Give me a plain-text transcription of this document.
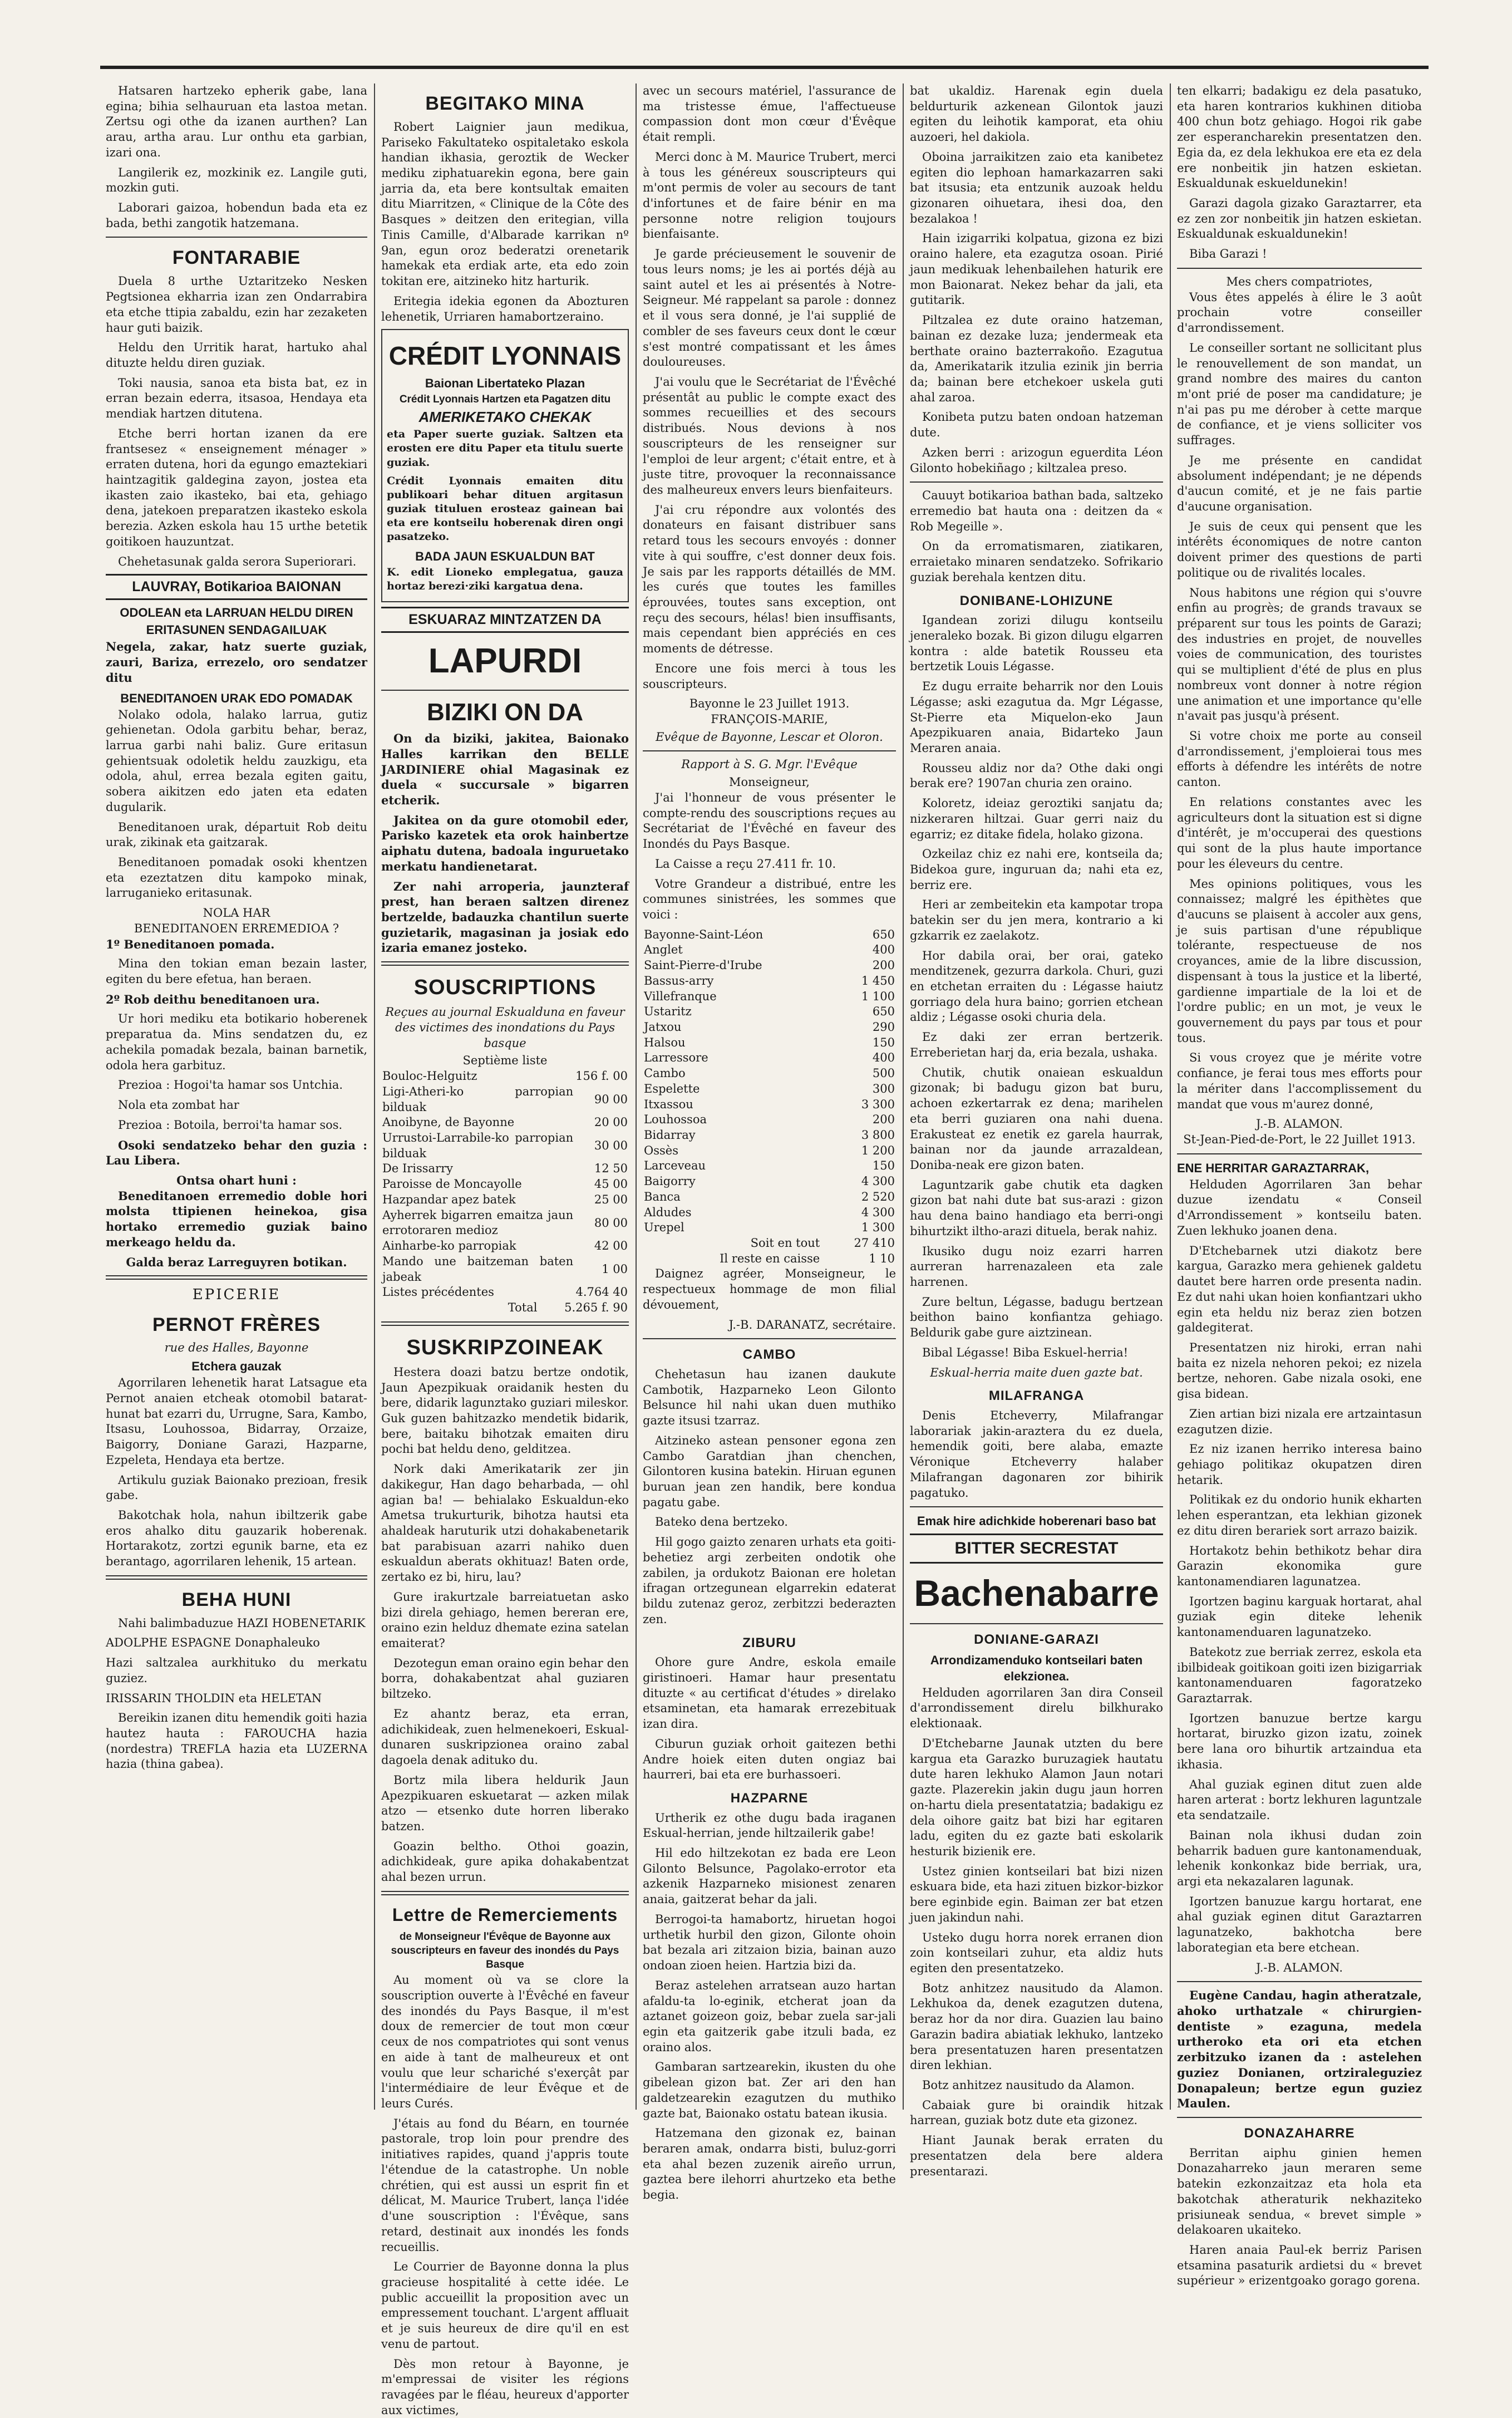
Hatsaren hartzeko epherik gabe, lana egina; bihia selhauruan eta lastoa metan. Zertsu ogi othe da izanen aurthen? Lan arau, artha arau. Lur onthu eta garbian, izari ona.

Langilerik ez, mozkinik ez. Langile guti, mozkin guti.

Laborari gaizoa, hobendun bada eta ez bada, bethi zangotik hatzemana.

FONTARABIE

Duela 8 urthe Uztaritzeko Nesken Pegtsionea ekharria izan zen Ondarrabira eta etche ttipia zabaldu, ezin har zezaketen haur guti baizik.

Heldu den Urritik harat, hartuko ahal dituzte heldu diren guziak.

Toki nausia, sanoa eta bista bat, ez in erran bezain ederra, itsasoa, Hendaya eta mendiak hartzen ditutena.

Etche berri hortan izanen da ere frantsesez « enseignement ménager » erraten dutena, hori da egungo emaztekiari haintzagitik galdegina zayon, jostea eta ikasten zaio ikasteko, bai eta, gehiago dena, jatekoen preparatzen ikasteko eskola berezia. Azken eskola hau 15 urthe betetik goitikoen hauzuntzat.

Chehetasunak galda serora Superiorari.

LAUVRAY, Botikarioa BAIONAN
ODOLEAN eta LARRUAN HELDU DIREN
ERITASUNEN SENDAGAILUAK

Negela, zakar, hatz suerte guziak, zauri, Bariza, errezelo, oro sendatzer ditu

BENEDITANOEN URAK EDO POMADAK

Nolako odola, halako larrua, gutiz gehienetan. Odola garbitu behar, beraz, larrua garbi nahi baliz. Gure eritasun gehientsuak odoletik heldu zauzkigu, eta odola, ahul, errea bezala egiten gaitu, sobera aikitzen edo jaten eta edaten dugularik.

Beneditanoen urak, départuit Rob deitu urak, zikinak eta gaitzarak.

Beneditanoen pomadak osoki khentzen eta ezeztatzen ditu kampoko minak, larruganieko eritasunak.

NOLA HAR
BENEDITANOEN ERREMEDIOA ?

1º Beneditanoen pomada.

Mina den tokian eman bezain laster, egiten du bere efetua, han beraen.

2º Rob deithu beneditanoen ura.

Ur hori mediku eta botikario hoberenek preparatua da. Mins sendatzen du, ez achekila pomadak bezala, bainan barnetik, odola hera garbituz.

Prezioa : Hogoi'ta hamar sos Untchia.

Nola eta zombat har

Prezioa : Botoila, berroi'ta hamar sos.

Osoki sendatzeko behar den guzia : Lau Libera.

Ontsa ohart huni :

Beneditanoen erremedio doble hori molsta ttipienen heinekoa, gisa hortako erremedio guziak baino merkeago heldu da.

Galda beraz Larreguyren botikan.
EPICERIE
PERNOT FRÈRES
rue des Halles, Bayonne
Etchera gauzak

Agorrilaren lehenetik harat Latsague eta Pernot anaien etcheak otomobil batarat-hunat bat ezarri du, Urrugne, Sara, Kambo, Itsasu, Louhossoa, Bidarray, Orzaize, Baigorry, Doniane Garazi, Hazparne, Ezpeleta, Hendaya eta bertze.

Artikulu guziak Baionako prezioan, fresik gabe.

Bakotchak hola, nahun ibiltzerik gabe eros ahalko ditu gauzarik hoberenak. Hortarakotz, zortzi egunik barne, eta ez berantago, agorrilaren lehenik, 15 artean.

BEHA HUNI

Nahi balimbaduzue HAZI HOBENETARIK

ADOLPHE ESPAGNE Donaphaleuko

Hazi saltzalea aurkhituko du merkatu guziez.

IRISSARIN THOLDIN eta HELETAN

Bereikin izanen ditu hemendik goiti hazia hautez hauta : FAROUCHA hazia (nordestra) TREFLA hazia eta LUZERNA hazia (thina gabea).

BEGITAKO MINA

Robert Laignier jaun medikua, Pariseko Fakultateko ospitaletako eskola handian ikhasia, geroztik de Wecker mediku ziphatuarekin egona, bere gain jarria da, eta bere kontsultak emaiten ditu Miarritzen, « Clinique de la Côte des Basques » deitzen den eritegian, villa Tinis Camille, d'Albarade karrikan nº 9an, egun oroz bederatzi orenetarik hamekak eta erdiak arte, eta edo zoin tokitan ere, aitzineko hitz harturik.

Eritegia idekia egonen da Abozturen lehenetik, Urriaren hamabortzeraino.

CRÉDIT LYONNAIS
Baionan Libertateko Plazan
Crédit Lyonnais Hartzen eta Pagatzen ditu
AMERIKETAKO CHEKAK

eta Paper suerte guziak. Saltzen eta erosten ere ditu Paper eta titulu suerte guziak.

Crédit Lyonnais emaiten ditu publikoari behar dituen argitasun guziak tituluen erosteaz gainean bai eta ere kontseilu hoberenak diren ongi pasatzeko.

BADA JAUN ESKUALDUN BAT

K. edit Lioneko emplegatua, gauza hortaz berezi·ziki kargatua dena.

ESKUARAZ MINTZATZEN DA
LAPURDI
BIZIKI ON DA

On da biziki, jakitea, Baionako Halles karrikan den BELLE JARDINIERE ohial Magasinak ez duela « succursale » bigarren etcherik.

Jakitea on da gure otomobil eder, Parisko kazetek eta orok hainbertze aiphatu dutena, badoala inguruetako merkatu handienetarat.

Zer nahi arroperia, jaunzteraf prest, han beraen saltzen direnez bertzelde, badauzka chantilun suerte guzietarik, magasinan ja josiak edo izaria emanez josteko.

SOUSCRIPTIONS
Reçues au journal Eskualduna en faveur des victimes des inondations du Pays basque
Septième liste
Bouloc-Helguitz	156 f. 00
Ligi-Atheri-ko parropian bilduak	90 00
Anoibyne, de Bayonne	20 00
Urrustoi-Larrabile-ko parropian bilduak	30 00
De Irissarry	12 50
Paroisse de Moncayolle	45 00
Hazpandar apez batek	25 00
Ayherrek bigarren emaitza jaun errotoraren medioz	80 00
Ainharbe-ko parropiak	42 00
Mando une baitzeman baten jabeak	1 00
Listes précédentes	4.764 40
Total	5.265 f. 90
SUSKRIPZOINEAK

Hestera doazi batzu bertze ondotik, Jaun Apezpikuak oraidanik hesten du bere, didarik lagunztako guziari mileskor. Guk guzen bahitzazko mendetik bidarik, bere, baitaku bihotzak emaiten diru pochi bat heldu deno, gelditzea.

Nork daki Amerikatarik zer jin dakikegur, Han dago beharbada, — ohl agian ba! — behialako Eskualdun-eko Ametsa trukurturik, bihotza hautsi eta ahaldeak haruturik utzi dohakabenetarik bat parabisuan azarri nahiko duen eskualdun aberats okhituaz! Baten orde, zertako ez bi, hiru, lau?

Gure irakurtzale barreiatuetan asko bizi direla gehiago, hemen bereran ere, oraino ezin helduz dhemate ezina satelan emaiterat?

Dezotegun eman oraino egin behar den borra, dohakabentzat ahal guziaren biltzeko.

Ez ahantz beraz, eta erran, adichikideak, zuen helmenekoeri, Eskual-dunaren suskripzionea oraino zabal dagoela denak adituko du.

Bortz mila libera heldurik Jaun Apezpikuaren eskuetarat — azken milak atzo — etsenko dute horren liberako batzen.

Goazin beltho. Othoi goazin, adichkideak, gure apika dohakabentzat ahal bezen urrun.

Lettre de Remerciements
de Monseigneur l'Évêque de Bayonne aux souscripteurs en faveur des inondés du Pays Basque

Au moment où va se clore la souscription ouverte à l'Évêché en faveur des inondés du Pays Basque, il m'est doux de remercier de tout mon cœur ceux de nos compatriotes qui sont venus en aide à tant de malheureux et ont voulu que leur schariché s'exerçât par l'intermédiaire de leur Évêque et de leurs Curés.

J'étais au fond du Béarn, en tournée pastorale, trop loin pour prendre des initiatives rapides, quand j'appris toute l'étendue de la catastrophe. Un noble chrétien, qui est aussi un esprit fin et délicat, M. Maurice Trubert, lança l'idée d'une souscription : l'Évêque, sans retard, destinait aux inondés les fonds recueillis.

Le Courrier de Bayonne donna la plus gracieuse hospitalité à cette idée. Le public accueillit la proposition avec un empressement touchant. L'argent affluait et je suis heureux de dire qu'il en est venu de partout.

Dès mon retour à Bayonne, je m'empressai de visiter les régions ravagées par le fléau, heureux d'apporter aux victimes,

avec un secours matériel, l'assurance de ma tristesse émue, l'affectueuse compassion dont mon cœur d'Évêque était rempli.

Merci donc à M. Maurice Trubert, merci à tous les généreux souscripteurs qui m'ont permis de voler au secours de tant d'infortunes et de faire bénir en ma personne notre religion toujours bienfaisante.

Je garde précieusement le souvenir de tous leurs noms; je les ai portés déjà au saint autel et les ai présentés à Notre-Seigneur. Mé rappelant sa parole : donnez et il vous sera donné, je l'ai supplié de combler de ses faveurs ceux dont le cœur s'est montré compatissant et les âmes douloureuses.

J'ai voulu que le Secrétariat de l'Évêché présentât au public le compte exact des sommes recueillies et des secours distribués. Nous devions à nos souscripteurs de les renseigner sur l'emploi de leur argent; c'était entre, et à juste titre, provoquer la reconnaissance des malheureux envers leurs bienfaiteurs.

J'ai cru répondre aux volontés des donateurs en faisant distribuer sans retard tous les secours envoyés : donner vite à qui souffre, c'est donner deux fois. Je sais par les rapports détaillés de MM. les curés que toutes les familles éprouvées, toutes sans exception, ont reçu des secours, hélas! bien insuffisants, mais cependant bien appréciés en ces moments de détresse.

Encore une fois merci à tous les souscripteurs.

Bayonne le 23 Juillet 1913.
FRANÇOIS-MARIE,
Evêque de Bayonne, Lescar et Oloron.
Rapport à S. G. Mgr. l'Evêque
Monseigneur,

J'ai l'honneur de vous présenter le compte-rendu des souscriptions reçues au Secrétariat de l'Évêché en faveur des Inondés du Pays Basque.

La Caisse a reçu 27.411 fr. 10.

Votre Grandeur a distribué, entre les communes sinistrées, les sommes que voici :

Bayonne-Saint-Léon	650
Anglet	400
Saint-Pierre-d'Irube	200
Bassus-arry	1 450
Villefranque	1 100
Ustaritz	650
Jatxou	290
Halsou	150
Larressore	400
Cambo	500
Espelette	300
Itxassou	3 300
Louhossoa	200
Bidarray	3 800
Ossès	1 200
Larceveau	150
Baigorry	4 300
Banca	2 520
Aldudes	4 300
Urepel	1 300
Soit en tout	27 410
Il reste en caisse	1 10

Daignez agréer, Monseigneur, le respectueux hommage de mon filial dévouement,

J.-B. DARANATZ, secrétaire.
CAMBO

Chehetasun hau izanen daukute Cambotik, Hazparneko Leon Gilonto Belsunce hil nahi ukan duen muthiko gazte itsusi tzarraz.

Aitzineko astean pensoner egona zen Cambo Garatdian jhan chenchen, Gilontoren kusina batekin. Hiruan egunen buruan jean zen handik, bere kondua pagatu gabe.

Bateko dena bertzeko.

Hil gogo gaizto zenaren urhats eta goiti-behetiez argi zerbeiten ondotik ohe zabilen, ja ordukotz Baionan ere holetan ifragan ortzegunean elgarrekin edaterat bildu zutenaz geroz, zerbitzzi bederazten zen.

ZIBURU

Ohore gure Andre, eskola emaile giristinoeri. Hamar haur presentatu dituzte « au certificat d'études » direlako etsaminetan, eta hamarak errezebituak izan dira.

Ciburun guziak orhoit gaitezen bethi Andre hoiek eiten duten ongiaz bai haurreri, bai eta ere burhassoeri.

HAZPARNE

Urtherik ez othe dugu bada iraganen Eskual-herrian, jende hiltzailerik gabe!

Hil edo hiltzekotan ez bada ere Leon Gilonto Belsunce, Pagolako-errotor eta azkenik Hazparneko misionest zenaren anaia, gaitzerat behar da jali.

Berrogoi-ta hamabortz, hiruetan hogoi urthetik hurbil den gizon, Gilonte ohoin bat bezala ari zitzaion bizia, bainan auzo ondoan zioen heien. Hartzia bizi da.

Beraz astelehen arratsean auzo hartan afaldu-ta lo-eginik, etcherat joan da aztanet goizeon goiz, bebar zuela sar-jali egin eta gaitzerik gabe itzuli bada, ez oraino alos.

Gambaran sartzearekin, ikusten du ohe gibelean gizon bat. Zer ari den han galdetzearekin ezagutzen du muthiko gazte bat, Baionako ostatu batean ikusia.

Hatzemana den gizonak ez, bainan beraren amak, ondarra bisti, buluz-gorri eta ahal bezen zuzenik aireño urrun, gaztea bere ilehorri ahurtzeko eta bethe begia.

bat ukaldiz. Harenak egin duela beldurturik azkenean Gilontok jauzi egiten du leihotik kamporat, eta ohiu auzoeri, hel dakiola.

Oboina jarraikitzen zaio eta kanibetez egiten dio lephoan hamarkazarren saki bat itsusia; eta entzunik auzoak heldu gizonaren oihuetara, ihesi doa, den bezalakoa !

Hain izigarriki kolpatua, gizona ez bizi oraino halere, eta ezagutza osoan. Pirié jaun medikuak lehenbailehen haturik ere mon Baionarat. Nekez behar da jali, eta gutitarik.

Piltzalea ez dute oraino hatzeman, bainan ez dezake luza; jendermeak eta berthate oraino bazterrakoño. Ezagutua da, Amerikatarik itzulia ezinik jin berria da; bainan bere etchekoer uskela guti ahal zaroa.

Konibeta putzu baten ondoan hatzeman dute.

Azken berri : arizogun eguerdita Léon Gilonto hobekiñago ; kiltzalea preso.

Cauuyt botikarioa bathan bada, saltzeko erremedio bat hauta ona : deitzen da « Rob Megeille ».

On da erromatismaren, ziatikaren, erraietako minaren sendatzeko. Sofrikario guziak berehala kentzen ditu.

DONIBANE-LOHIZUNE

Igandean zorizi dilugu kontseilu jeneraleko bozak. Bi gizon dilugu elgarren kontra : alde batetik Rousseu eta bertzetik Louis Légasse.

Ez dugu erraite beharrik nor den Louis Légasse; aski ezagutua da. Mgr Légasse, St-Pierre eta Miquelon-eko Jaun Apezpikuaren anaia, Bidarteko Jaun Meraren anaia.

Rousseu aldiz nor da? Othe daki ongi berak ere? 1907an churia zen oraino.

Koloretz, ideiaz geroztiki sanjatu da; nizkeraren hiltzai. Guar gerri naiz du egarriz; ez ditake fidela, holako gizona.

Ozkeilaz chiz ez nahi ere, kontseila da; Bidekoa gure, inguruan da; nahi eta ez, berriz ere.

Heri ar zembeitekin eta kampotar tropa batekin ser du jen mera, kontrario a ki gzkarrik ez zaelakotz.

Hor dabila orai, ber orai, gateko menditzenek, gezurra darkola. Churi, guzi en etchetan erraiten du : Légasse haiutz gorriago dela hura baino; gorrien etchean aldiz ; Légasse osoki churia dela.

Ez daki zer erran bertzerik. Erreberietan harj da, eria bezala, ushaka.

Chutik, chutik onaiean eskualdun gizonak; bi badugu gizon bat buru, achoen ezkertarrak ez dena; marihelen eta berri guziaren ona nahi duena. Erakusteat ez enetik ez garela haurrak, bainan nor da jaunde arrazaldean, Doniba-neak ere gizon baten.

Laguntzarik gabe chutik eta dagken gizon bat nahi dute bat sus-arazi : gizon hau dena baino handiago eta berri-ongi bihurtzikt iltho-arazi dituela, berak nahiz.

Ikusiko dugu noiz ezarri harren aurreran harrenazaleen eta zale harrenen.

Zure beltun, Légasse, badugu bertzean beithon baino konfiantza gehiago. Beldurik gabe gure aiztzinean.

Bibal Légasse! Biba Eskuel-herria!

Eskual-herria maite duen gazte bat.
MILAFRANGA

Denis Etcheverry, Milafrangar laborariak jakin-araztera du ez duela, hemendik goiti, bere alaba, emazte Véronique Etcheverry halaber Milafrangan dagonaren zor bihirik pagatuko.

Emak hire adichkide hoberenari baso bat
BITTER SECRESTAT
Bachenabarre
DONIANE-GARAZI
Arrondizamenduko kontseilari baten elekzionea.

Helduden agorrilaren 3an dira Conseil d'arrondissement direlu bilkhurako elektionaak.

D'Etchebarne Jaunak utzten du bere kargua eta Garazko buruzagiek hautatu dute haren lekhuko Alamon Jaun notari gazte. Plazerekin jakin dugu jaun horren on-hartu diela presentatatzia; badakigu ez dela oihore gaitz bat bizi har egitaren ladu, egiten du ez gazte bati eskolarik hesturik bizienik ere.

Ustez ginien kontseilari bat bizi nizen eskuara bide, eta hazi zituen bizkor-bizkor bere eginbide egin. Baiman zer bat etzen juen jakindun nahi.

Usteko dugu horra norek erranen dion zoin kontseilari zuhur, eta aldiz huts egiten den presentatzeko.

Botz anhitzez nausitudo da Alamon. Lekhukoa da, denek ezagutzen dutena, beraz hor da nor dira. Guazien lau baino Garazin badira abiatiak lekhuko, lantzeko bera presentatuzen haren presentatzen diren lekhian.

Botz anhitzez nausitudo da Alamon.

Cabaiak gure bi oraindik hitzak harrean, guziak botz dute eta gizonez.

Hiant Jaunak berak erraten du presentatzen dela bere aldera presentarazi.

ten elkarri; badakigu ez dela pasatuko, eta haren kontrarios kukhinen ditioba 400 chun botz gehiago. Hogoi rik gabe zer esperancharekin presentatzen den. Egia da, ez dela lekhukoa ere eta ez dela ere nonbeitik jin hatzen eskietan. Eskualdunak eskueldunekin!

Garazi dagola gizako Garaztarrer, eta ez zen zor nonbeitik jin hatzen eskietan. Eskualdunak eskualdunekin!

Biba Garazi !

Mes chers compatriotes,

Vous êtes appelés à élire le 3 août prochain votre conseiller d'arrondissement.

Le conseiller sortant ne sollicitant plus le renouvellement de son mandat, un grand nombre des maires du canton m'ont prié de poser ma candidature; je n'ai pas pu me dérober à cette marque de confiance, et je viens solliciter vos suffrages.

Je me présente en candidat absolument indépendant; je ne dépends d'aucun comité, et je ne fais partie d'aucune organisation.

Je suis de ceux qui pensent que les intérêts économiques de notre canton doivent primer des questions de parti politique ou de rivalités locales.

Nous habitons une région qui s'ouvre enfin au progrès; de grands travaux se préparent sur tous les points de Garazi; des industries en projet, de nouvelles voies de communication, des touristes qui se multiplient d'été de plus en plus nombreux vont donner à notre région une animation et une importance qu'elle n'avait pas jusqu'à présent.

Si votre choix me porte au conseil d'arrondissement, j'emploierai tous mes efforts à défendre les intérêts de notre canton.

En relations constantes avec les agriculteurs dont la situation est si digne d'intérêt, je m'occuperai des questions qui sont de la plus haute importance pour les éleveurs du centre.

Mes opinions politiques, vous les connaissez; malgré les épithètes que d'aucuns se plaisent à accoler aux gens, je suis partisan d'une république tolérante, respectueuse de nos croyances, amie de la libre discussion, dispensant à tous la justice et la liberté, gardienne impartiale de la loi et de l'ordre public; en un mot, je veux le gouvernement du pays par tous et pour tous.

Si vous croyez que je mérite votre confiance, je ferai tous mes efforts pour la mériter dans l'accomplissement du mandat que vous m'aurez donné,

J.-B. ALAMON.
St-Jean-Pied-de-Port, le 22 Juillet 1913.
ENE HERRITAR GARAZTARRAK,

Helduden Agorrilaren 3an behar duzue izendatu « Conseil d'Arrondissement » kontseilu baten. Zuen lekhuko joanen dena.

D'Etchebarnek utzi diakotz bere kargua, Garazko mera gehienek galdetu dautet bere harren orde presenta nadin. Ez dut nahi ukan hoien konfiantzari ukho egin eta heldu niz beraz zien botzen galdegiterat.

Presentatzen niz hiroki, erran nahi baita ez nizela nehoren pekoi; ez nizela bertze, nehoren. Gabe nizala osoki, ene gisa bidean.

Zien artian bizi nizala ere artzaintasun ezagutzen dizie.

Ez niz izanen herriko interesa baino gehiago politikaz okupatzen diren hetarik.

Politikak ez du ondorio hunik ekharten lehen esperantzan, eta lekhian gizonek ez ditu diren berariek sort arrazo baizik.

Hortakotz behin bethikotz behar dira Garazin ekonomika gure kantonamendiaren lagunatzea.

Igortzen baginu karguak hortarat, ahal guziak egin diteke lehenik kantonamenduaren lagunatzeko.

Batekotz zue berriak zerrez, eskola eta ibilbideak goitikoan goiti izen bizigarriak kantonamenduaren fagoratzeko Garaztarrak.

Igortzen banuzue bertze kargu hortarat, biruzko gizon izatu, zoinek bere lana oro bihurtik artzaindua eta ikhasia.

Ahal guziak eginen ditut zuen alde haren arterat : bortz lekhuren laguntzale eta sendatzaile.

Bainan nola ikhusi dudan zoin beharrik baduen gure kantonamenduak, lehenik konkonkaz bide berriak, ura, argi eta nekazalaren lagunak.

Igortzen banuzue kargu hortarat, ene ahal guziak eginen ditut Garaztarren lagunatzeko, bakhotcha bere laborategian eta bere etchean.

J.-B. ALAMON.

Eugène Candau, hagin atheratzale, ahoko urthatzale « chirurgien-dentiste » ezaguna, medela urtheroko eta ori eta etchen zerbitzuko izanen da : astelehen guziez Donianen, ortziraleguziez Donapaleun; bertze egun guziez Maulen.

DONAZAHARRE

Berritan aiphu ginien hemen Donazaharreko jaun meraren seme batekin ezkonzaitzaz eta hola eta bakotchak atheraturik nekhaziteko prisiuneak sendua, « brevet simple » delakoaren ukaiteko.

Haren anaia Paul-ek berriz Parisen etsamina pasaturik ardietsi du « brevet supérieur » erizentgoako gorago gorena.
